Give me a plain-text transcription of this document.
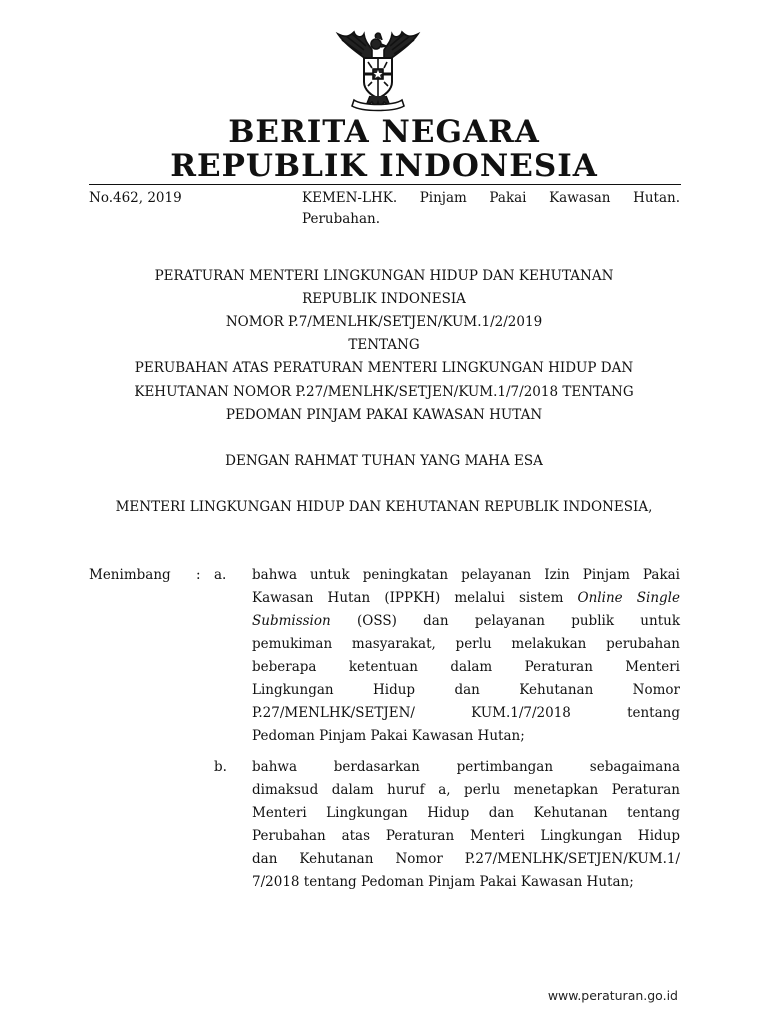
BERITA NEGARA
REPUBLIK INDONESIA
No.462, 2019	KEMEN-LHK. Pinjam Pakai Kawasan Hutan.
Perubahan.
PERATURAN MENTERI LINGKUNGAN HIDUP DAN KEHUTANAN
REPUBLIK INDONESIA
NOMOR P.7/MENLHK/SETJEN/KUM.1/2/2019
TENTANG
PERUBAHAN ATAS PERATURAN MENTERI LINGKUNGAN HIDUP DAN
KEHUTANAN NOMOR P.27/MENLHK/SETJEN/KUM.1/7/2018 TENTANG
PEDOMAN PINJAM PAKAI KAWASAN HUTAN
DENGAN RAHMAT TUHAN YANG MAHA ESA
MENTERI LINGKUNGAN HIDUP DAN KEHUTANAN REPUBLIK INDONESIA,
Menimbang : a.
b.
bahwa untuk peningkatan pelayanan Izin Pinjam Pakai
Kawasan Hutan (IPPKH) melalui sistem Online Single
Submission (OSS) dan pelayanan publik untuk
pemukiman masyarakat, perlu melakukan perubahan
beberapa ketentuan dalam Peraturan Menteri
Lingkungan Hidup dan Kehutanan Nomor
P.27/MENLHK/SETJEN/ KUM.1/7/2018 tentang
Pedoman Pinjam Pakai Kawasan Hutan;
bahwa berdasarkan pertimbangan sebagaimana
dimaksud dalam huruf a, perlu menetapkan Peraturan
Menteri Lingkungan Hidup dan Kehutanan tentang
Perubahan atas Peraturan Menteri Lingkungan Hidup
dan Kehutanan Nomor P.27/MENLHK/SETJEN/KUM.1/
7/2018 tentang Pedoman Pinjam Pakai Kawasan Hutan;
www.peraturan.go.id
